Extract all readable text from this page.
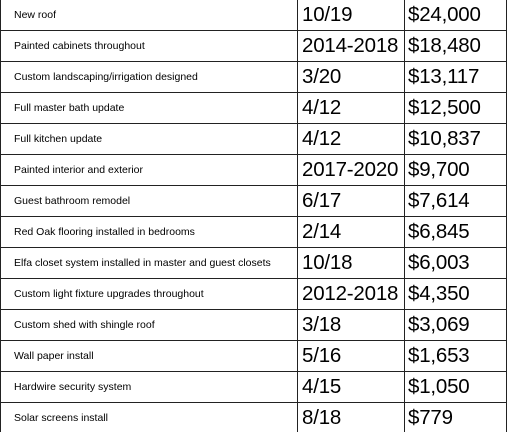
New roof	10/19	$24,000
Painted cabinets throughout	2014-2018	$18,480
Custom landscaping/irrigation designed	3/20	$13,117
Full master bath update	4/12	$12,500
Full kitchen update	4/12	$10,837
Painted interior and exterior	2017-2020	$9,700
Guest bathroom remodel	6/17	$7,614
Red Oak flooring installed in bedrooms	2/14	$6,845
Elfa closet system installed in master and guest closets	10/18	$6,003
Custom light fixture upgrades throughout	2012-2018	$4,350
Custom shed with shingle roof	3/18	$3,069
Wall paper install	5/16	$1,653
Hardwire security system	4/15	$1,050
Solar screens install	8/18	$779
